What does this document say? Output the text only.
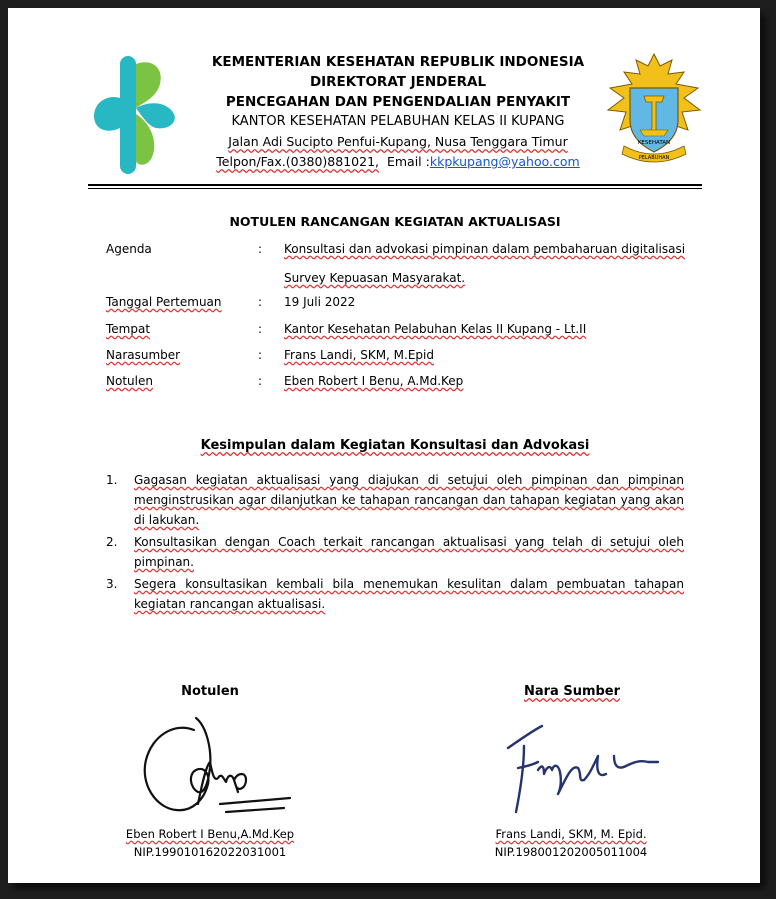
KEMENTERIAN KESEHATAN REPUBLIK INDONESIA
DIREKTORAT JENDERAL
PENCEGAHAN DAN PENGENDALIAN PENYAKIT
KANTOR KESEHATAN PELABUHAN KELAS II KUPANG
Jalan Adi Sucipto Penfui-Kupang, Nusa Tenggara Timur
Telpon/Fax.(0380)881021, Email :kkpkupang@yahoo.com
KESEHATAN
PELABUHAN
NOTULEN RANCANGAN KEGIATAN AKTUALISASI
Agenda	: Konsultasi dan advokasi pimpinan dalam pembaharuan digitalisasi
Survey Kepuasan Masyarakat.
Tanggal Pertemuan	: 19 Juli 2022
Tempat	: Kantor Kesehatan Pelabuhan Kelas II Kupang - Lt.II
Narasumber	: Frans Landi, SKM, M.Epid
Notulen	: Eben Robert I Benu, A.Md.Kep
Kesimpulan dalam Kegiatan Konsultasi dan Advokasi
1. Gagasan kegiatan aktualisasi yang diajukan di setujui oleh pimpinan dan pimpinan menginstrusikan agar dilanjutkan ke tahapan rancangan dan tahapan kegiatan yang akan di lakukan.
2. Konsultasikan dengan Coach terkait rancangan aktualisasi yang telah di setujui oleh pimpinan.
3. Segera konsultasikan kembali bila menemukan kesulitan dalam pembuatan tahapan kegiatan rancangan aktualisasi.
Notulen	Nara Sumber
Eben Robert I Benu,A.Md.Kep
NIP.19901016202203100​1
Frans Landi, SKM, M. Epid.
NIP.19800120200501100​4
